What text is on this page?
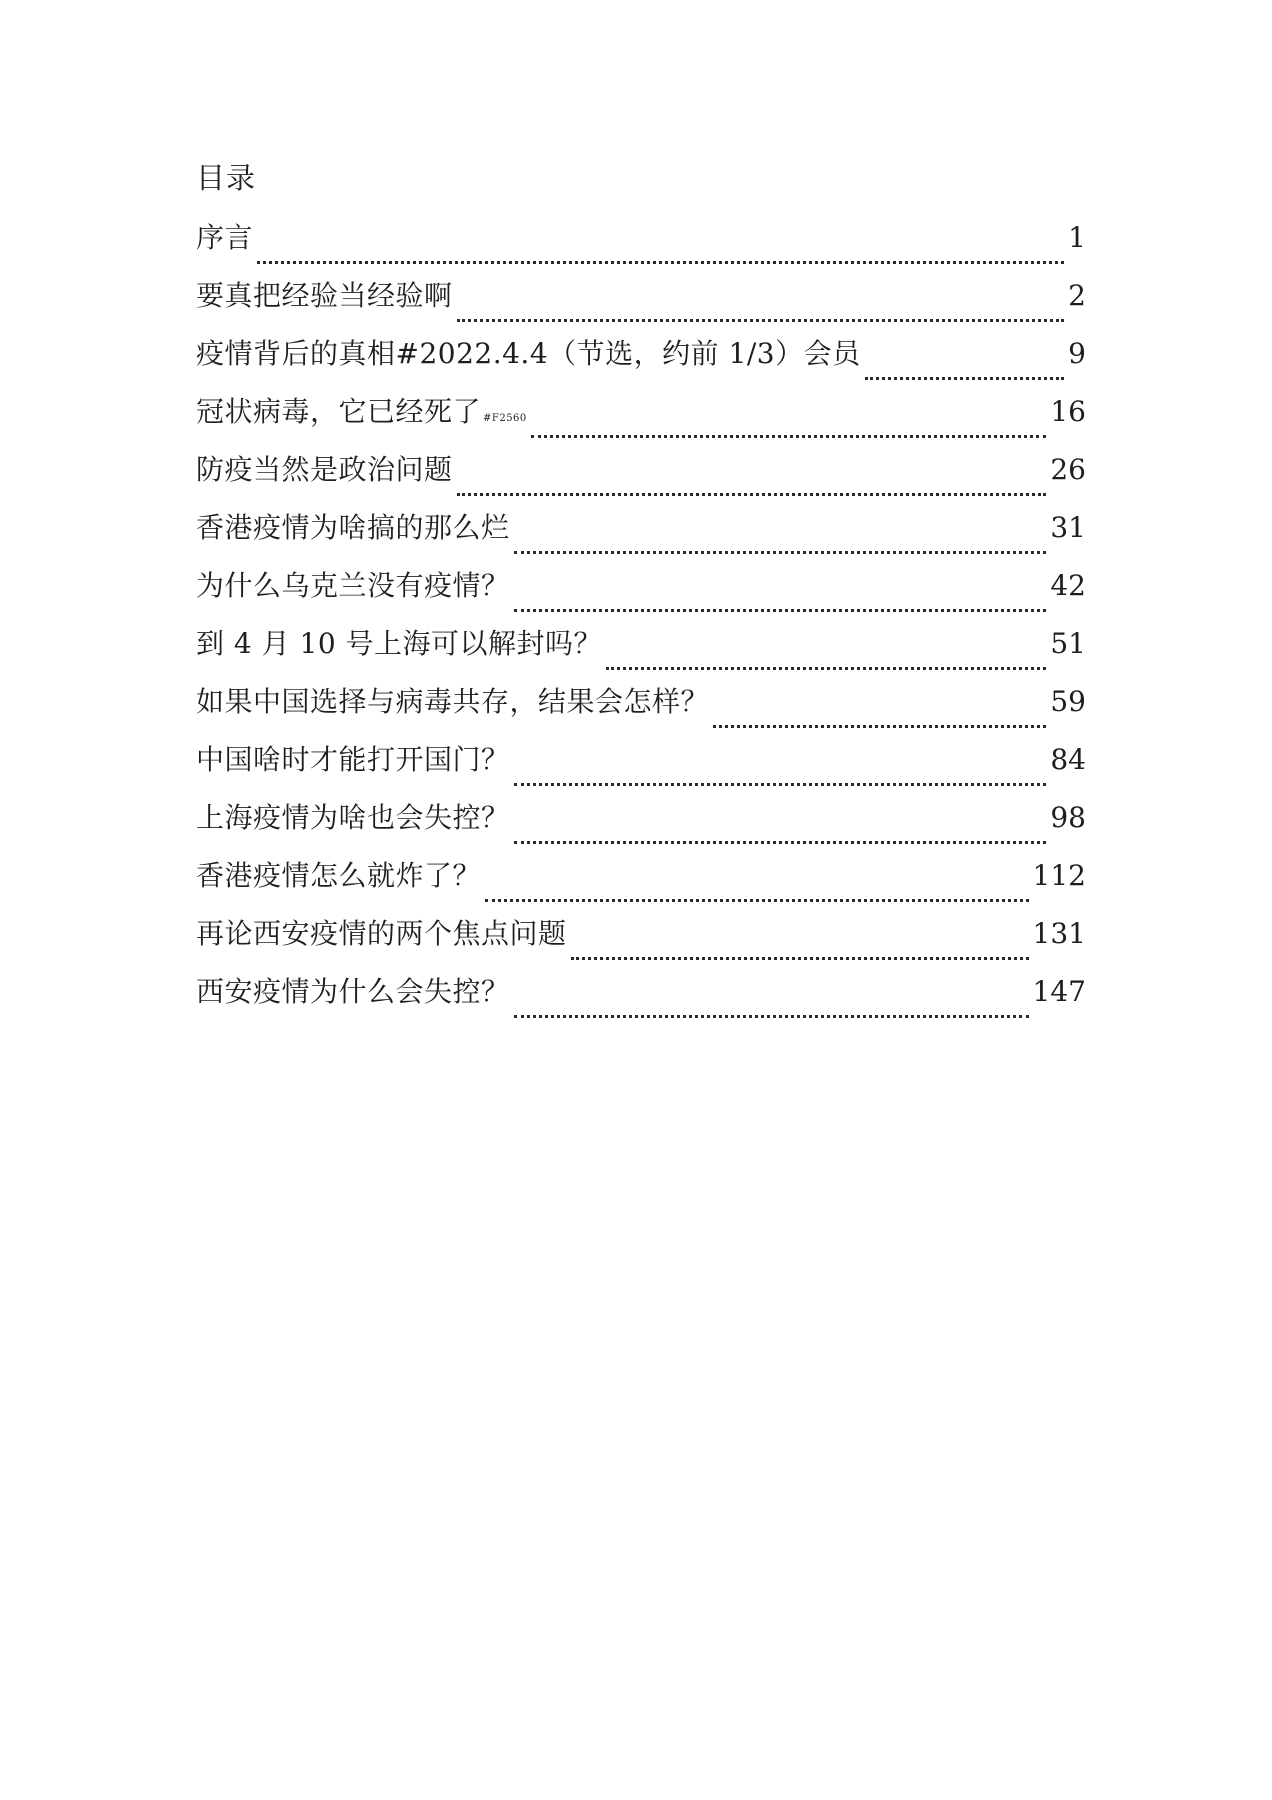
目录
序言	1
要真把经验当经验啊	2
疫情背后的真相#2022.4.4（节选，约前 1/3）会员	9
冠状病毒，它已经死了 #F2560	16
防疫当然是政治问题	26
香港疫情为啥搞的那么烂	31
为什么乌克兰没有疫情？	42
到 4 月 10 号上海可以解封吗？	51
如果中国选择与病毒共存，结果会怎样？	59
中国啥时才能打开国门？	84
上海疫情为啥也会失控？	98
香港疫情怎么就炸了？	112
再论西安疫情的两个焦点问题	131
西安疫情为什么会失控？	147
